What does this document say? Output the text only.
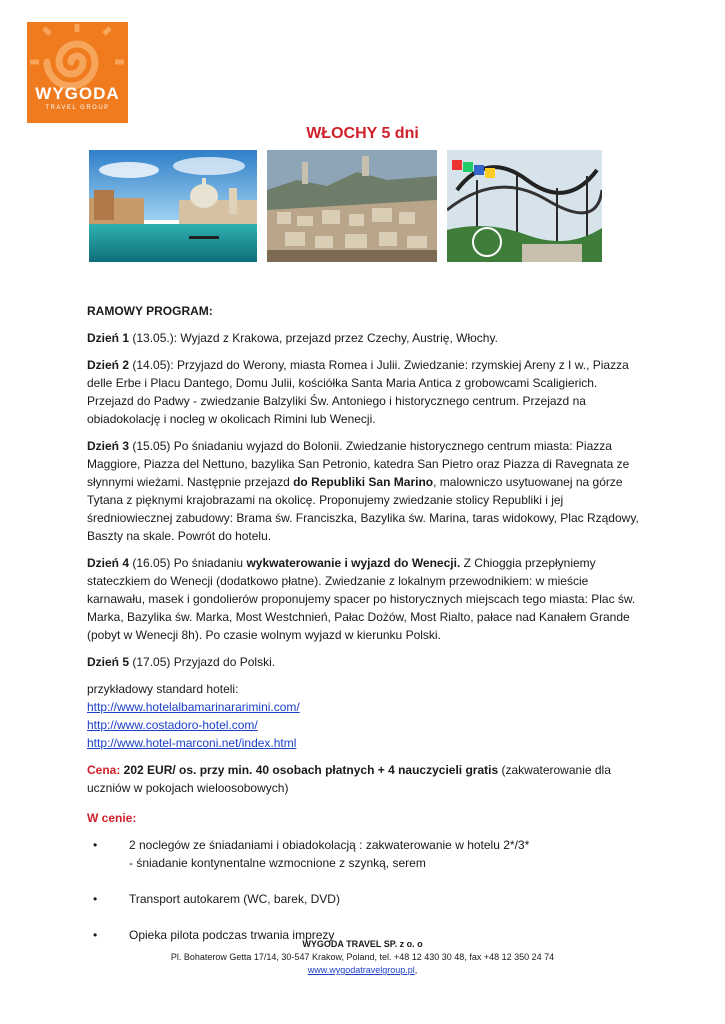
WYGODA
TRAVEL GROUP
WŁOCHY 5 dni

RAMOWY PROGRAM:

Dzień 1 (13.05.): Wyjazd z Krakowa, przejazd przez Czechy, Austrię, Włochy.

Dzień 2 (14.05): Przyjazd do Werony, miasta Romea i Julii. Zwiedzanie: rzymskiej Areny z I w., Piazza delle Erbe i Placu Dantego, Domu Julii, kościółka Santa Maria Antica z grobowcami Scaligierich. Przejazd do Padwy - zwiedzanie Balzyliki Św. Antoniego i historycznego centrum. Przejazd na obiadokolację i nocleg w okolicach Rimini lub Wenecji.

Dzień 3 (15.05) Po śniadaniu wyjazd do Bolonii. Zwiedzanie historycznego centrum miasta: Piazza Maggiore, Piazza del Nettuno, bazylika San Petronio, katedra San Pietro oraz Piazza di Ravegnata ze słynnymi wieżami. Następnie przejazd do Republiki San Marino, malowniczo usytuowanej na górze Tytana z pięknymi krajobrazami na okolicę. Proponujemy zwiedzanie stolicy Republiki i jej średniowiecznej zabudowy: Brama św. Franciszka, Bazylika św. Marina, taras widokowy, Plac Rządowy, Baszty na skale. Powrót do hotelu.

Dzień 4 (16.05) Po śniadaniu wykwaterowanie i wyjazd do Wenecji. Z Chioggia przepłyniemy stateczkiem do Wenecji (dodatkowo płatne). Zwiedzanie z lokalnym przewodnikiem: w mieście karnawału, masek i gondolierów proponujemy spacer po historycznych miejscach tego miasta: Plac św. Marka, Bazylika św. Marka, Most Westchnień, Pałac Dożów, Most Rialto, pałace nad Kanałem Grande (pobyt w Wenecji 8h). Po czasie wolnym wyjazd w kierunku Polski.

Dzień 5 (17.05) Przyjazd do Polski.

przykładowy standard hoteli:
http://www.hotelalbamarinararimini.com/
http://www.costadoro-hotel.com/
http://www.hotel-marconi.net/index.html

Cena: 202 EUR/ os. przy min. 40 osobach płatnych + 4 nauczycieli gratis (zakwaterowanie dla uczniów w pokojach wieloosobowych)

W cenie:

•	2 noclegów ze śniadaniami i obiadokolacją : zakwaterowanie w hotelu 2*/3*
- śniadanie kontynentalne wzmocnione z szynką, serem
•	Transport autokarem (WC, barek, DVD)
•	Opieka pilota podczas trwania imprezy
WYGODA TRAVEL SP. z o. o
Pl. Bohaterow Getta 17/14, 30-547 Krakow, Poland, tel. +48 12 430 30 48, fax +48 12 350 24 74
www.wygodatravelgroup.pl,
